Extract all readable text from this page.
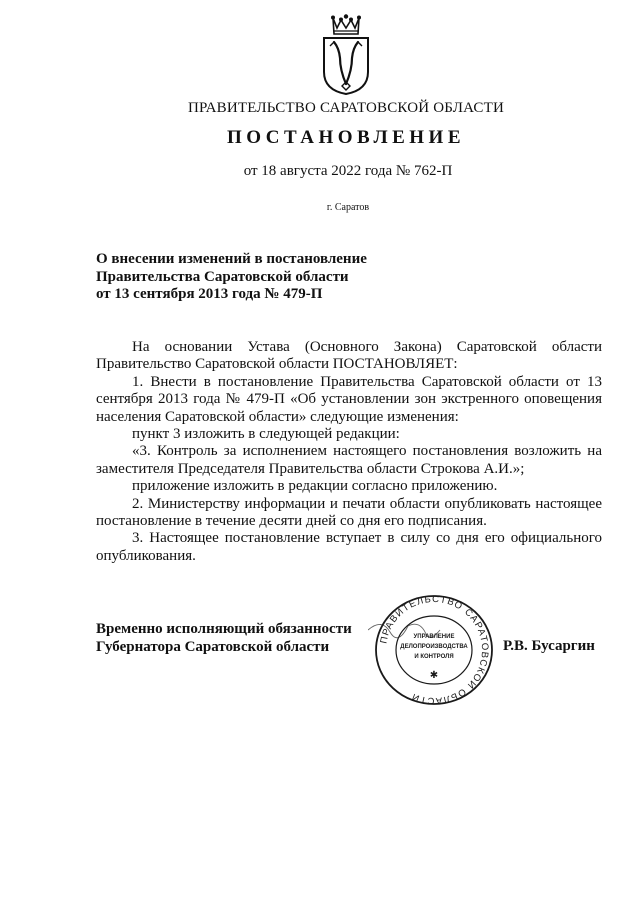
ПРАВИТЕЛЬСТВО САРАТОВСКОЙ ОБЛАСТИ
ПОСТАНОВЛЕНИЕ
от 18 августа 2022 года № 762-П
г. Саратов
О внесении изменений в постановление
Правительства Саратовской области
от 13 сентября 2013 года № 479-П

На основании Устава (Основного Закона) Саратовской области Правительство Саратовской области ПОСТАНОВЛЯЕТ:

1. Внести в постановление Правительства Саратовской области от 13 сентября 2013 года № 479-П «Об установлении зон экстренного оповещения населения Саратовской области» следующие изменения:

пункт 3 изложить в следующей редакции:

«3. Контроль за исполнением настоящего постановления возложить на заместителя Председателя Правительства области Строкова А.И.»;

приложение изложить в редакции согласно приложению.

2. Министерству информации и печати области опубликовать настоящее постановление в течение десяти дней со дня его подписания.

3. Настоящее постановление вступает в силу со дня его официального опубликования.

Временно исполняющий обязанности
Губернатора Саратовской области	ПРАВИТЕЛЬСТВО САРАТОВСКОЙ ОБЛАСТИ
УПРАВЛЕНИЕ
ДЕЛОПРОИЗВОДСТВА
И КОНТРОЛЯ
✱
Р.В. Бусаргин
